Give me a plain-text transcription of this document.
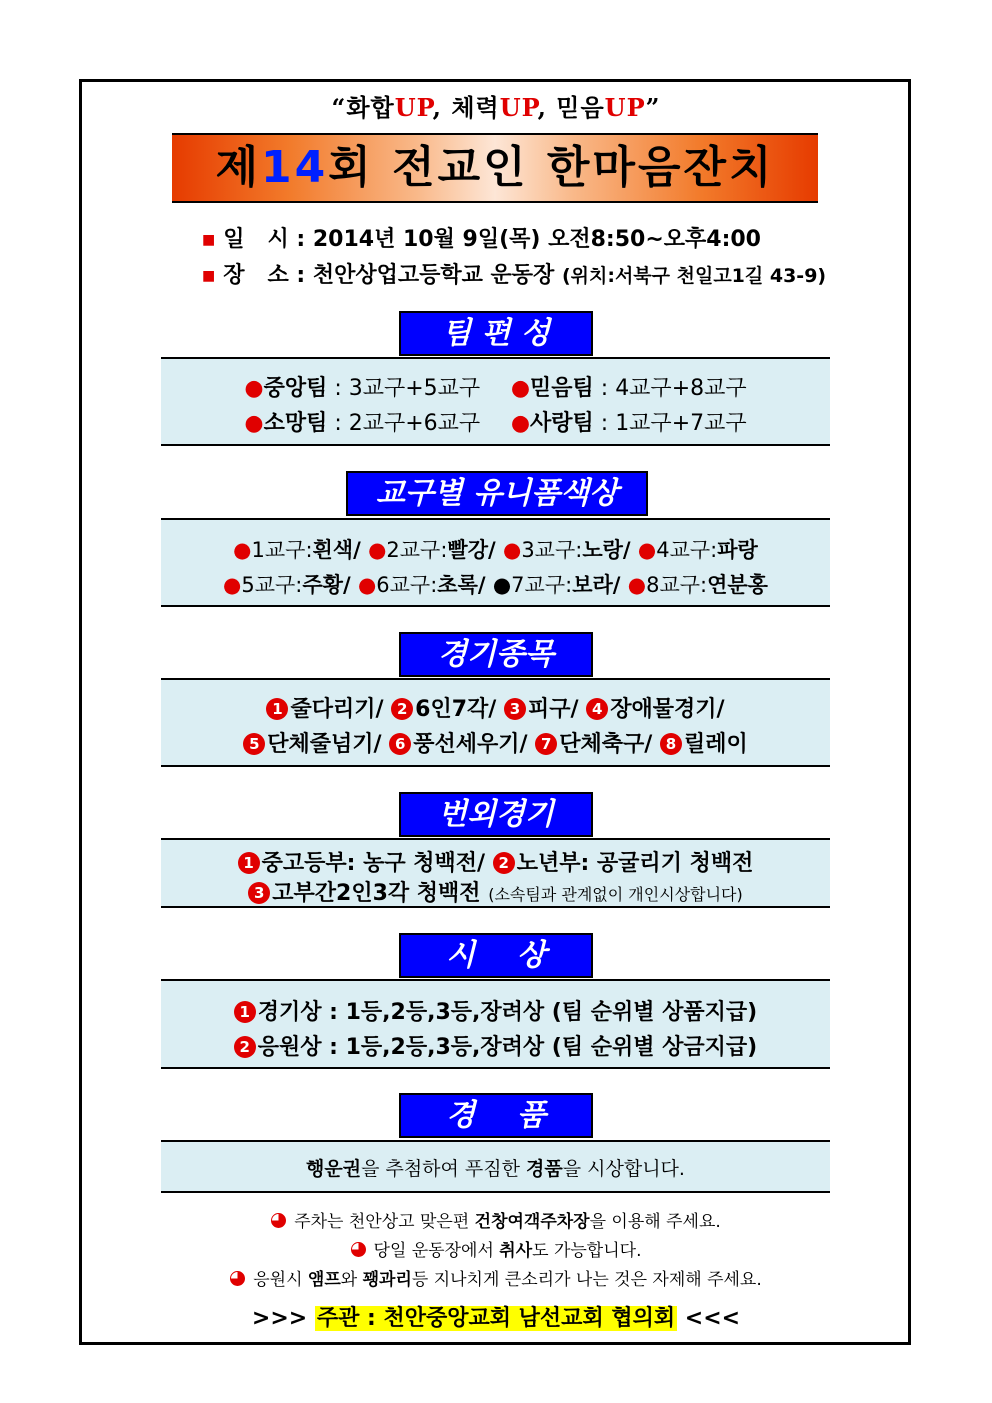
“화합UP, 체력UP, 믿음UP”
제14회 전교인 한마음잔치
■ 일   시 : 2014년 10월 9일(목) 오전8:50~오후4:00
■ 장   소 : 천안상업고등학교 운동장 (위치:서북구 천일고1길 43-9)
팀 편 성
●중앙팀 : 3교구+5교구 ●믿음팀 : 4교구+8교구
●소망팀 : 2교구+6교구 ●사랑팀 : 1교구+7교구
교구별 유니폼색상
●1교구:흰색/ ●2교구:빨강/ ●3교구:노랑/ ●4교구:파랑
●5교구:주황/ ●6교구:초록/ ●7교구:보라/ ●8교구:연분홍
경기종목
1 줄다리기/ 2 6인7각/ 3 피구/ 4 장애물경기/
5 단체줄넘기/ 6 풍선세우기/ 7 단체축구/ 8 릴레이
번외경기
1 중고등부: 농구 청백전/ 2 노년부: 공굴리기 청백전
3 고부간2인3각 청백전 (소속팀과 관계없이 개인시상합니다)
시    상
1 경기상 : 1등,2등,3등,장려상 (팀 순위별 상품지급)
2 응원상 : 1등,2등,3등,장려상 (팀 순위별 상금지급)
경    품
행운권을 추첨하여 푸짐한 경품을 시상합니다.
주차는 천안상고 맞은편 건창여객주차장을 이용해 주세요.
당일 운동장에서 취사도 가능합니다.
응원시 앰프와 꽹과리등 지나치게 큰소리가 나는 것은 자제해 주세요.
>>> 주관 : 천안중앙교회 남선교회 협의회 <<<
